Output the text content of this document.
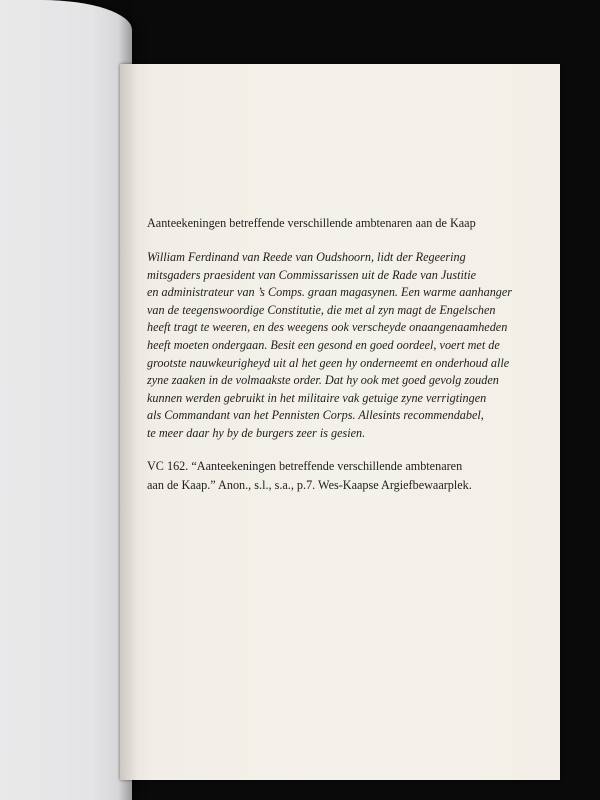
Aanteekeningen betreffende verschillende ambtenaren aan de Kaap

William Ferdinand van Reede van Oudshoorn, lidt der Regeering
mitsgaders praesident van Commissarissen uit de Rade van Justitie
en administrateur van ’s Comps. graan magasynen. Een warme aanhanger
van de teegenswoordige Constitutie, die met al zyn magt de Engelschen
heeft tragt te weeren, en des weegens ook verscheyde onaangenaamheden
heeft moeten ondergaan. Besit een gesond en goed oordeel, voert met de
grootste nauwkeurigheyd uit al het geen hy onderneemt en onderhoud alle
zyne zaaken in de volmaakste order. Dat hy ook met goed gevolg zouden
kunnen werden gebruikt in het militaire vak getuige zyne verrigtingen
als Commandant van het Pennisten Corps. Allesints recommendabel,
te meer daar hy by de burgers zeer is gesien.

VC 162. “Aanteekeningen betreffende verschillende ambtenaren
aan de Kaap.” Anon., s.l., s.a., p.7. Wes-Kaapse Argiefbewaarplek.
